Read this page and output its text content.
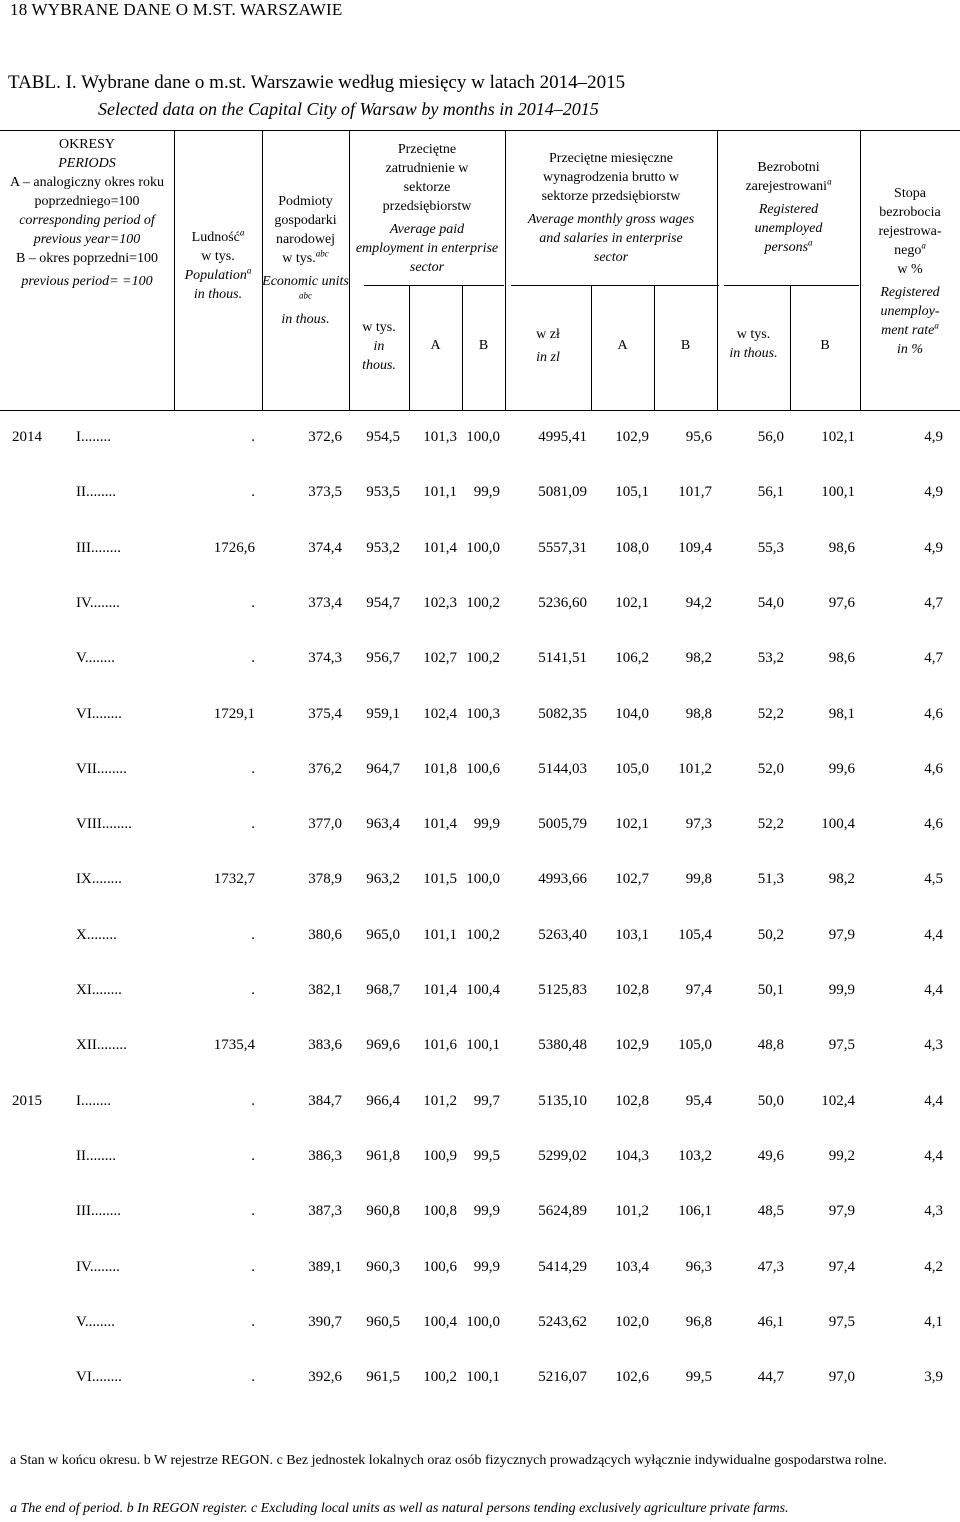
18 WYBRANE DANE O M.ST. WARSZAWIE
TABL. I. Wybrane dane o m.st. Warszawie według miesięcy w latach 2014–2015
Selected data on the Capital City of Warsaw by months in 2014–2015
OKRESY
PERIODS
A – analogiczny okres roku poprzedniego=100
corresponding period of previous year=100
B – okres poprzedni=100
previous period= =100
Ludność$^a$
w tys.
Population$^a$
in thous.
Podmioty gospodarki narodowej w tys.$^{abc}$
Economic units $^{abc}$
in thous.
Przeciętne zatrudnienie w sektorze przedsiębiorstw
Average paid employment in enterprise sector
w tys.
in thous.
A	B
Przeciętne miesięczne wynagrodzenia brutto w sektorze przedsiębiorstw
Average monthly gross wages and salaries in enterprise sector
w zł
in zl
A	B
Bezrobotni zarejestrowani$^a$
Registered unemployed persons$^a$
w tys.
in thous.
B
Stopa
bezrobocia
rejestrowa-
nego$^a$
w %
Registered
unemploy-
ment rate$^a$
in %
2014 I........	.	372,6 954,5 101,3 100,0	4995,41 102,9 95,6	56,0 102,1	4,9
II........	.	373,5 953,5 101,1 99,9	5081,09 105,1 101,7	56,1 100,1	4,9
III........	1726,6	374,4 953,2 101,4 100,0	5557,31 108,0 109,4	55,3	98,6	4,9
IV........	.	373,4 954,7 102,3 100,2	5236,60 102,1 94,2	54,0	97,6	4,7
V........	.	374,3 956,7 102,7 100,2	5141,51 106,2 98,2	53,2	98,6	4,7
VI........	1729,1	375,4 959,1 102,4 100,3	5082,35 104,0 98,8	52,2	98,1	4,6
VII........	.	376,2 964,7 101,8 100,6	5144,03 105,0 101,2	52,0	99,6	4,6
VIII........	.	377,0 963,4 101,4 99,9	5005,79 102,1 97,3	52,2 100,4	4,6
IX........	1732,7	378,9 963,2 101,5 100,0	4993,66 102,7 99,8	51,3	98,2	4,5
X........	.	380,6 965,0 101,1 100,2	5263,40 103,1 105,4	50,2	97,9	4,4
XI........	.	382,1 968,7 101,4 100,4	5125,83 102,8 97,4	50,1	99,9	4,4
XII........	1735,4	383,6 969,6 101,6 100,1	5380,48 102,9 105,0	48,8	97,5	4,3
2015 I........	.	384,7 966,4 101,2 99,7	5135,10 102,8 95,4	50,0 102,4	4,4
II........	.	386,3 961,8 100,9 99,5	5299,02 104,3 103,2	49,6	99,2	4,4
III........	.	387,3 960,8 100,8 99,9	5624,89 101,2 106,1	48,5	97,9	4,3
IV........	.	389,1 960,3 100,6 99,9	5414,29 103,4 96,3	47,3	97,4	4,2
V........	.	390,7 960,5 100,4 100,0	5243,62 102,0 96,8	46,1	97,5	4,1
VI........	.	392,6 961,5 100,2 100,1	5216,07 102,6 99,5	44,7	97,0	3,9
a Stan w końcu okresu. b W rejestrze REGON. c Bez jednostek lokalnych oraz osób fizycznych prowadzących wyłącznie indywidualne gospodarstwa rolne.
a The end of period. b In REGON register. c Excluding local units as well as natural persons tending exclusively agriculture private farms.
